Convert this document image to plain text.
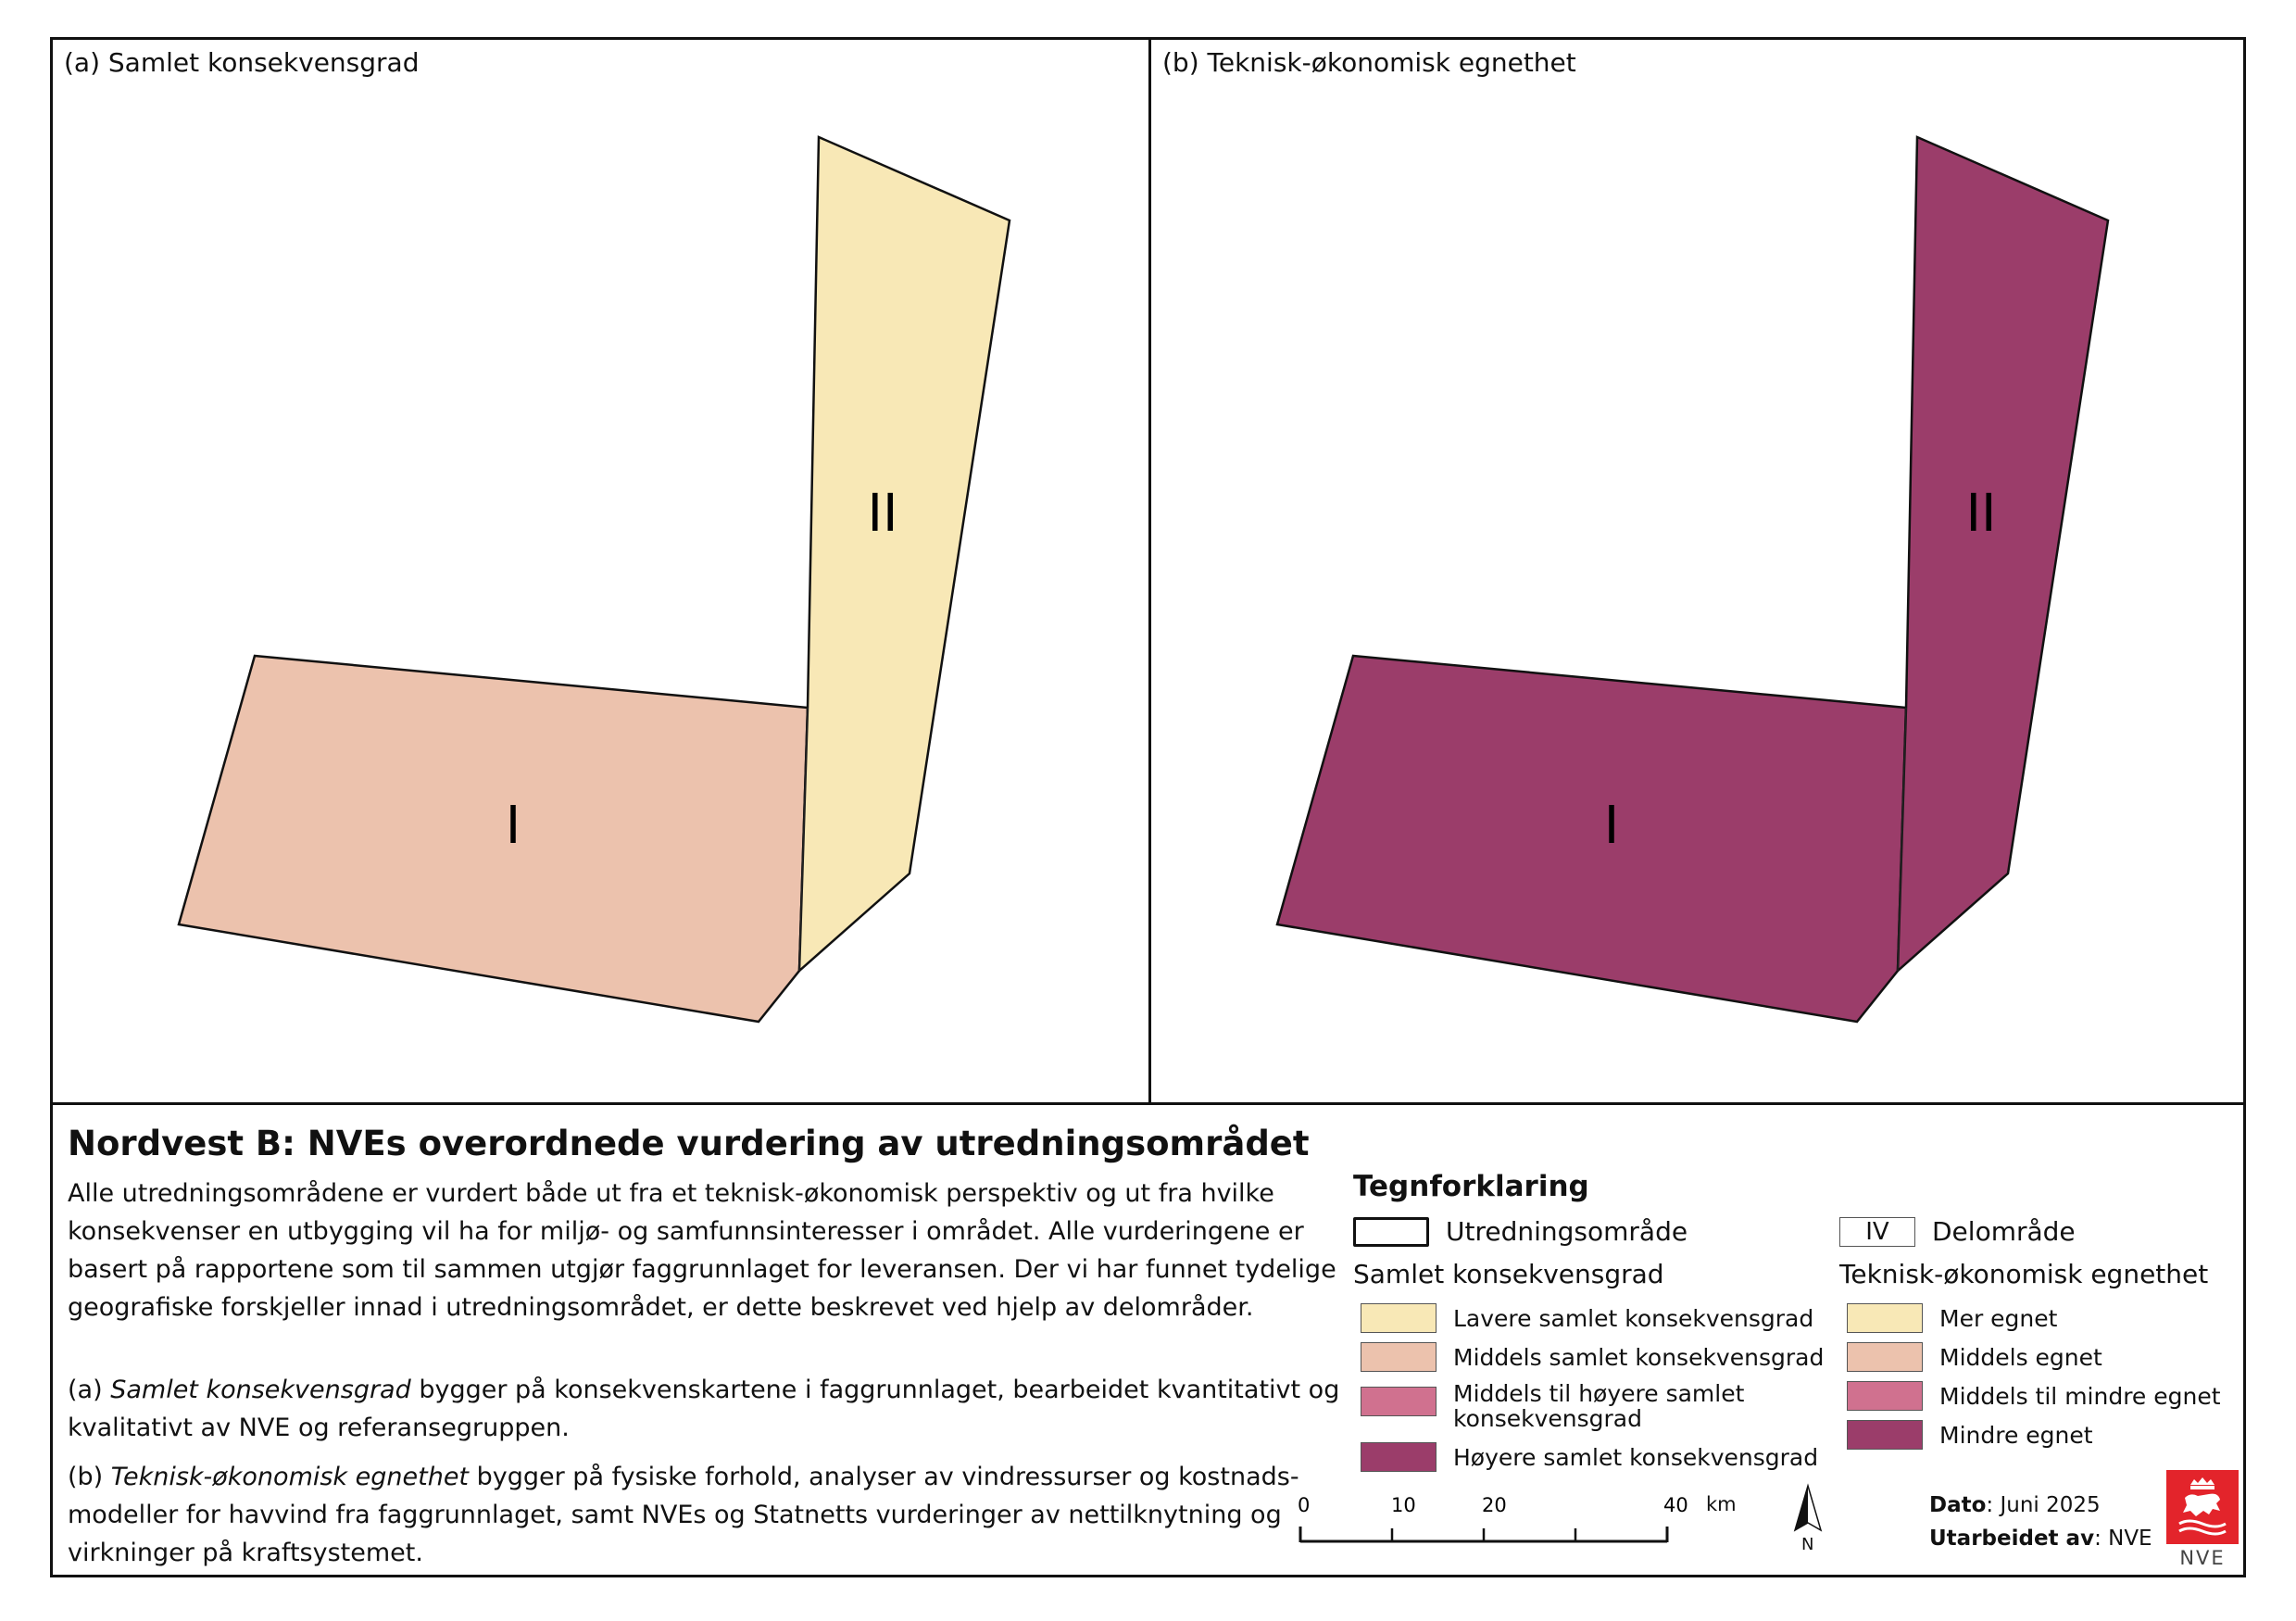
(a) Samlet konsekvensgrad
I
II
(b) Teknisk-økonomisk egnethet
I
II
Nordvest B: NVEs overordnede vurdering av utredningsområdet
Alle utredningsområdene er vurdert både ut fra et teknisk-økonomisk perspektiv og ut fra hvilke konsekvenser en utbygging vil ha for miljø- og samfunnsinteresser i området. Alle vurderingene er basert på rapportene som til sammen utgjør faggrunnlaget for leveransen. Der vi har funnet tydelige geografiske forskjeller innad i utredningsområdet, er dette beskrevet ved hjelp av delområder.
(a) Samlet konsekvensgrad bygger på konsekvenskartene i faggrunnlaget, bearbeidet kvantitativt og kvalitativt av NVE og referansegruppen.
(b) Teknisk-økonomisk egnethet bygger på fysiske forhold, analyser av vindressurser og kostnads-modeller for havvind fra faggrunnlaget, samt NVEs og Statnetts vurderinger av nettilknytning og virkninger på kraftsystemet.
Tegnforklaring
Utredningsområde	IV	Delområde
Samlet konsekvensgrad	Teknisk-økonomisk egnethet
Lavere samlet konsekvensgrad
Middels samlet konsekvensgrad
Middels til høyere samlet konsekvensgrad
Høyere samlet konsekvensgrad
Mer egnet
Middels egnet
Middels til mindre egnet
Mindre egnet
0	10	20	40 km
N
Dato: Juni 2025
Utarbeidet av: NVE
NVE
